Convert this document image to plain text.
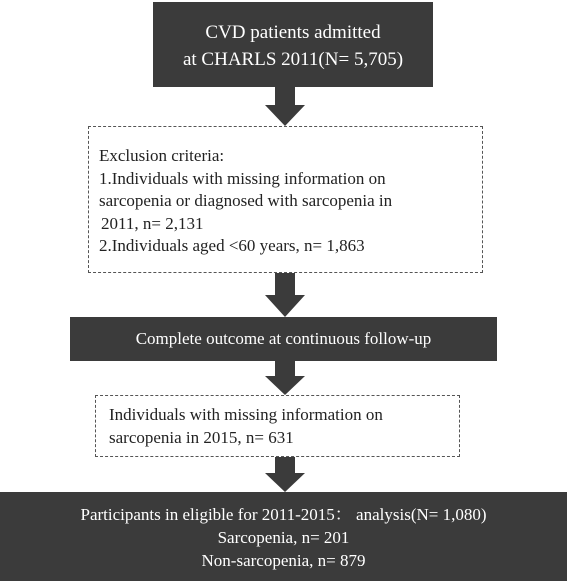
CVD patients admitted
at CHARLS 2011(N= 5,705)
Exclusion criteria:
1.Individuals with missing information on
sarcopenia or diagnosed with sarcopenia in
2011, n= 2,131
2.Individuals aged <60 years, n= 1,863
Complete outcome at continuous follow-up
Individuals with missing information on
sarcopenia in 2015, n= 631
Participants in eligible for 2011-2015： analysis(N= 1,080)
Sarcopenia, n= 201
Non-sarcopenia, n= 879
